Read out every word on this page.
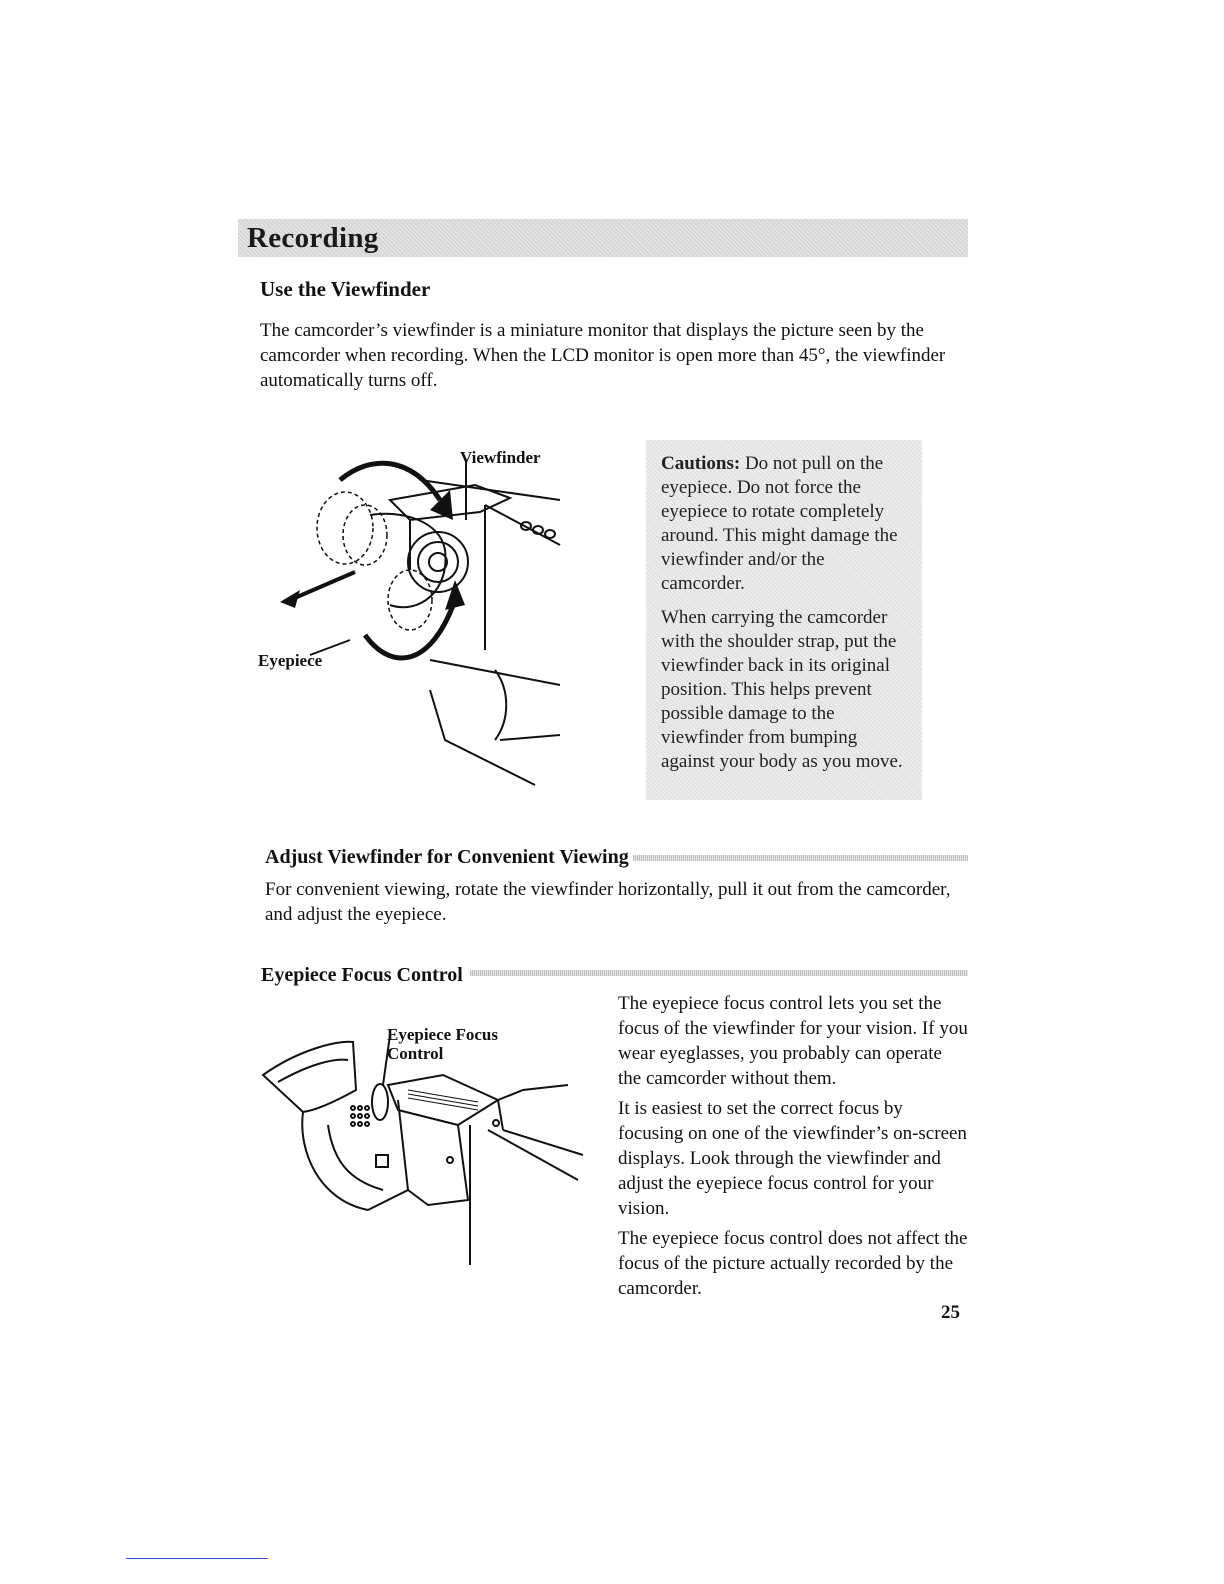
Recording
Use the Viewfinder
The camcorder’s viewfinder is a miniature monitor that displays the picture seen by the camcorder when recording. When the LCD monitor is open more than 45°, the viewfinder automatically turns off.
Viewfinder
Eyepiece

Cautions: Do not pull on the eyepiece. Do not force the eyepiece to rotate completely around. This might damage the viewfinder and/or the camcorder.

When carrying the camcorder with the shoulder strap, put the viewfinder back in its original position. This helps prevent possible damage to the viewfinder from bumping against your body as you move.

Adjust Viewfinder for Convenient Viewing
For convenient viewing, rotate the viewfinder horizontally, pull it out from the camcorder, and adjust the eyepiece.
Eyepiece Focus Control
Eyepiece Focus
Control

The eyepiece focus control lets you set the focus of the viewfinder for your vision. If you wear eyeglasses, you probably can operate the camcorder without them.

It is easiest to set the correct focus by focusing on one of the viewfinder’s on-screen displays. Look through the viewfinder and adjust the eyepiece focus control for your vision.

The eyepiece focus control does not affect the focus of the picture actually recorded by the camcorder.

25
